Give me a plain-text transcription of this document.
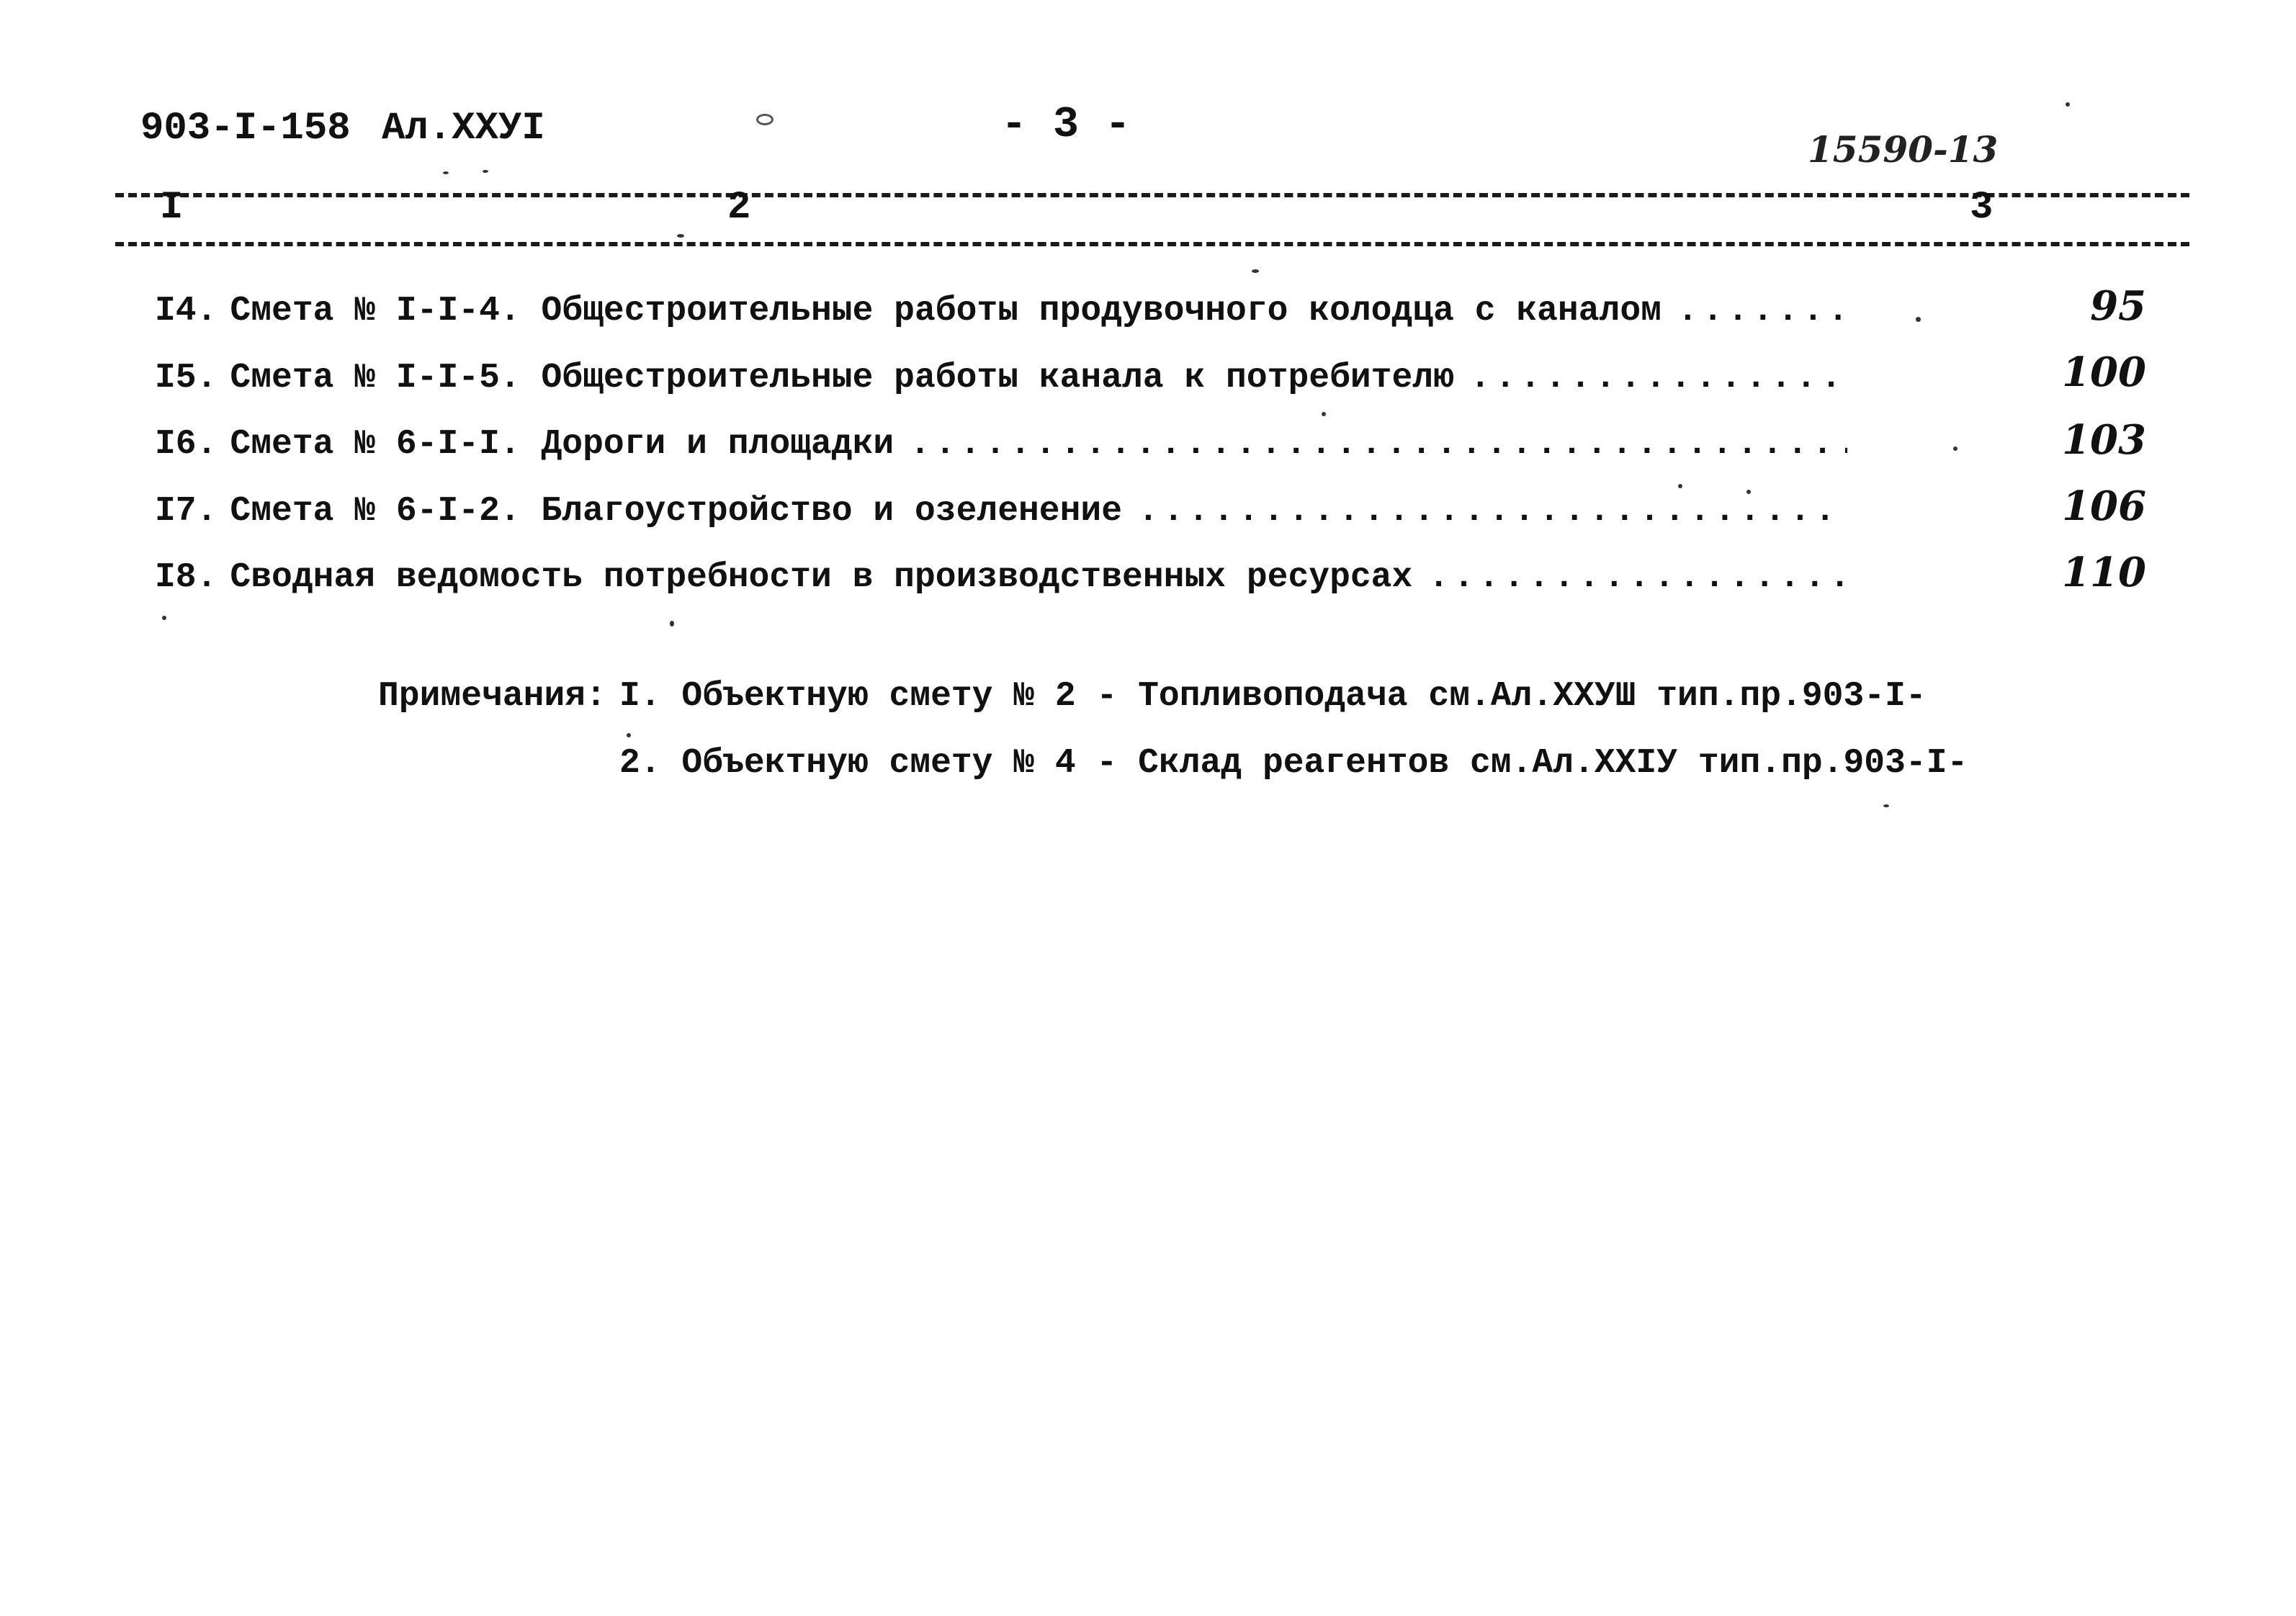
903-I-158 Ал.XXУI	- 3 -	15590-13
I	2	3
I4. Смета № I-I-4. Общестроительные работы продувочного колодца с каналом .....	95
I5. Смета № I-I-5. Общестроительные работы канала к потребителю .....	100
I6. Смета № 6-I-I. Дороги и площадки .....	103
I7. Смета № 6-I-2. Благоустройство и озеленение .....	106
I8. Сводная ведомость потребности в производственных ресурсах .....	110
Примечания: I. Объектную смету № 2 - Топливоподача см.Ал.XXУШ тип.пр.903-I-
2. Объектную смету № 4 - Склад реагентов см.Ал.XXIУ тип.пр.903-I-
